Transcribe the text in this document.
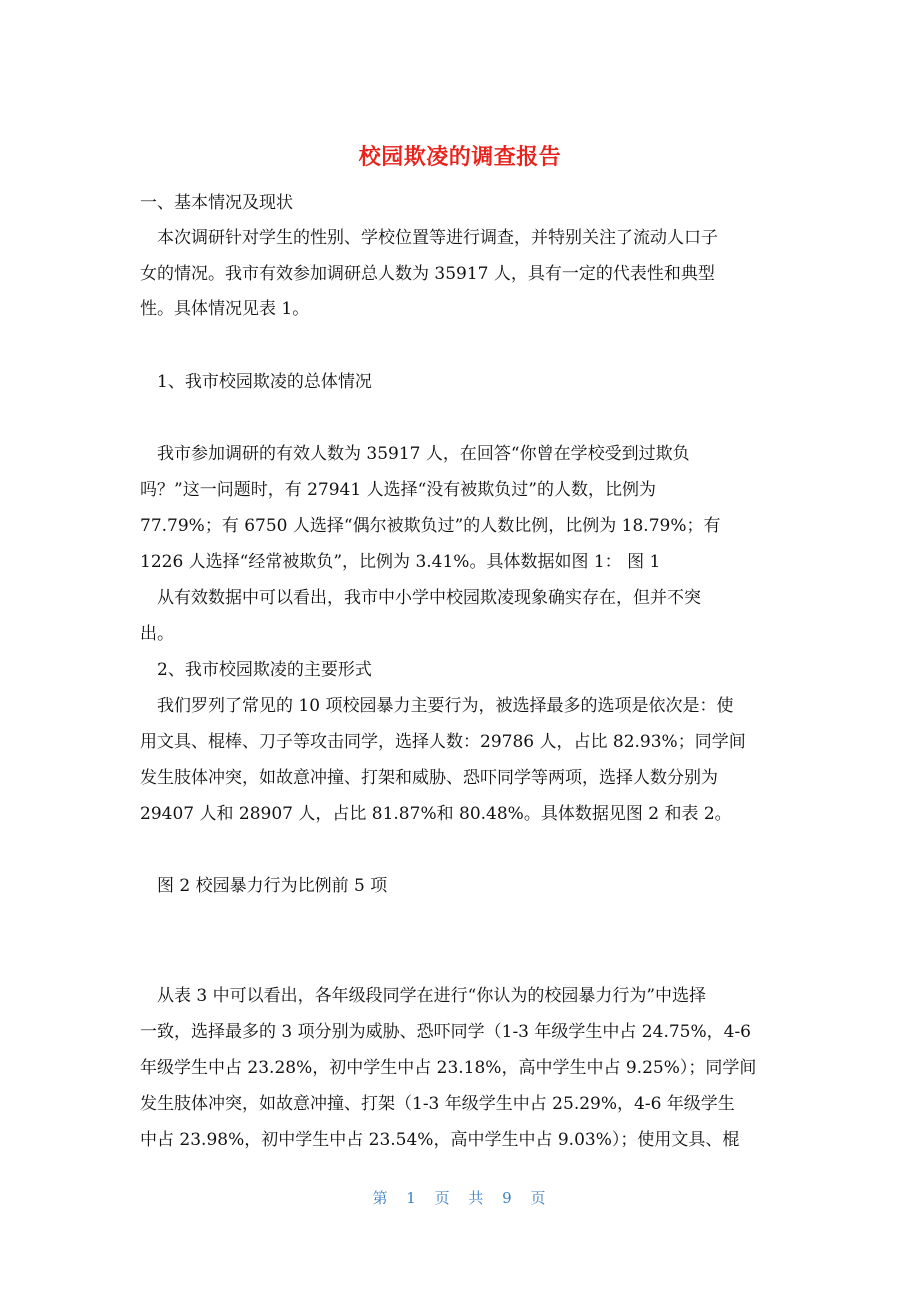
校园欺凌的调查报告
一、基本情况及现状
　本次调研针对学生的性别、学校位置等进行调查，并特别关注了流动人口子
女的情况。我市有效参加调研总人数为 35917 人，具有一定的代表性和典型
性。具体情况见表 1。
　1、我市校园欺凌的总体情况
　我市参加调研的有效人数为 35917 人，在回答“你曾在学校受到过欺负
吗？”这一问题时，有 27941 人选择“没有被欺负过”的人数，比例为
77.79%；有 6750 人选择“偶尔被欺负过”的人数比例，比例为 18.79%；有
1226 人选择“经常被欺负”，比例为 3.41%。具体数据如图 1： 图 1
　从有效数据中可以看出，我市中小学中校园欺凌现象确实存在，但并不突
出。
　2、我市校园欺凌的主要形式
　我们罗列了常见的 10 项校园暴力主要行为，被选择最多的选项是依次是：使
用文具、棍棒、刀子等攻击同学，选择人数：29786 人，占比 82.93%；同学间
发生肢体冲突，如故意冲撞、打架和威胁、恐吓同学等两项，选择人数分别为
29407 人和 28907 人，占比 81.87%和 80.48%。具体数据见图 2 和表 2。
　图 2 校园暴力行为比例前 5 项
　从表 3 中可以看出，各年级段同学在进行“你认为的校园暴力行为”中选择
一致，选择最多的 3 项分别为威胁、恐吓同学（1-3 年级学生中占 24.75%，4-6
年级学生中占 23.28%，初中学生中占 23.18%，高中学生中占 9.25%）；同学间
发生肢体冲突，如故意冲撞、打架（1-3 年级学生中占 25.29%，4-6 年级学生
中占 23.98%，初中学生中占 23.54%，高中学生中占 9.03%）；使用文具、棍
第 1 页 共 9 页
